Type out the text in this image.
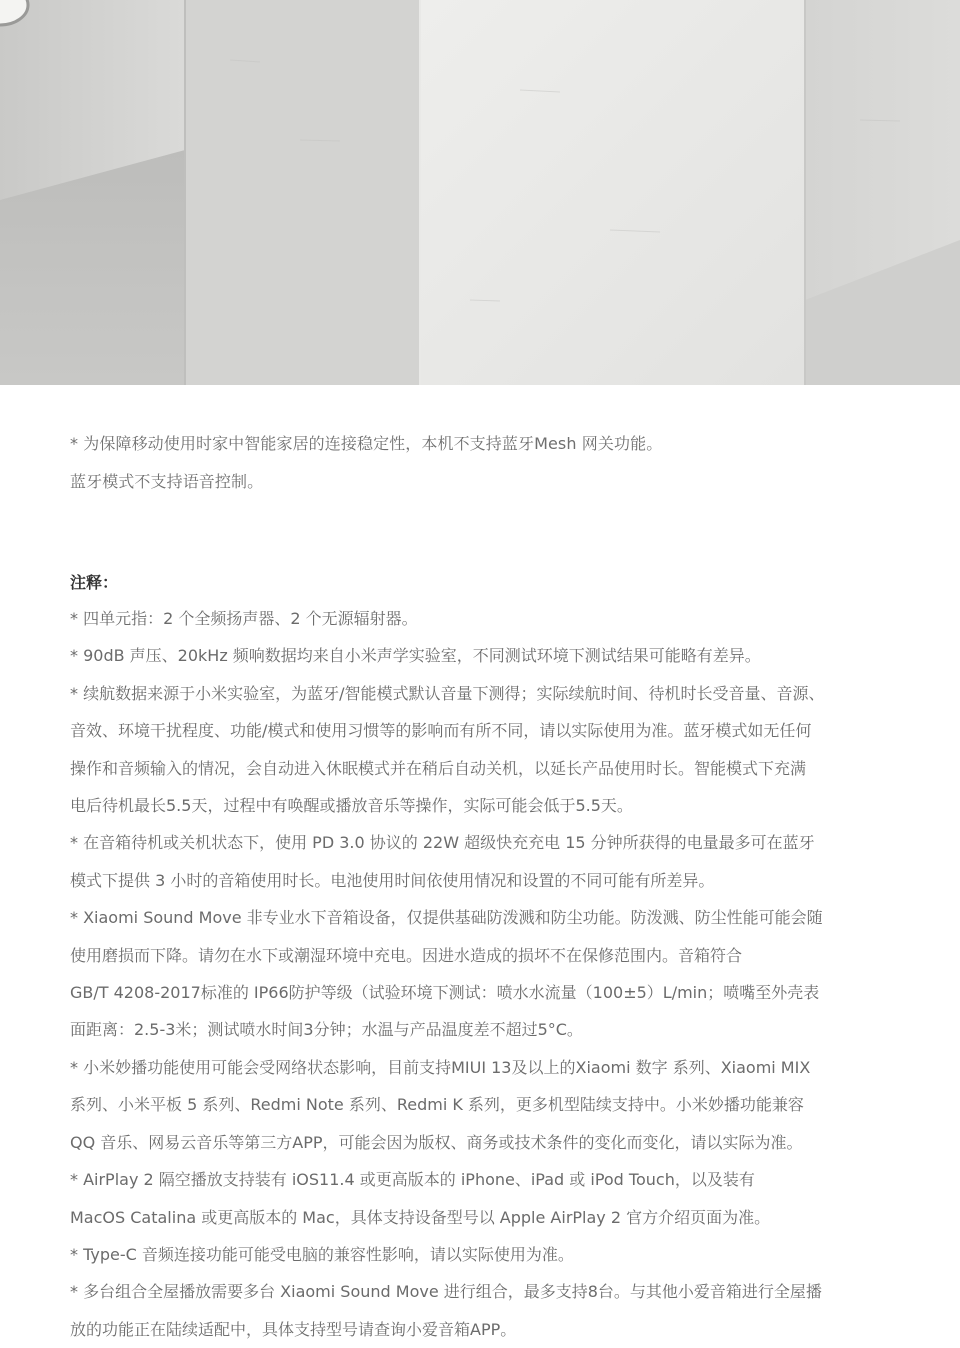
* 为保障移动使用时家中智能家居的连接稳定性，本机不支持蓝牙Mesh 网关功能。
蓝牙模式不支持语音控制。
注释：
* 四单元指：2 个全频扬声器、2 个无源辐射器。
* 90dB 声压、20kHz 频响数据均来自小米声学实验室，不同测试环境下测试结果可能略有差异。
* 续航数据来源于小米实验室，为蓝牙/智能模式默认音量下测得；实际续航时间、待机时长受音量、音源、
音效、环境干扰程度、功能/模式和使用习惯等的影响而有所不同，请以实际使用为准。蓝牙模式如无任何
操作和音频输入的情况，会自动进入休眠模式并在稍后自动关机，以延长产品使用时长。智能模式下充满
电后待机最长5.5天，过程中有唤醒或播放音乐等操作，实际可能会低于5.5天。
* 在音箱待机或关机状态下，使用 PD 3.0 协议的 22W 超级快充充电 15 分钟所获得的电量最多可在蓝牙
模式下提供 3 小时的音箱使用时长。电池使用时间依使用情况和设置的不同可能有所差异。
* Xiaomi Sound Move 非专业水下音箱设备，仅提供基础防泼溅和防尘功能。防泼溅、防尘性能可能会随
使用磨损而下降。请勿在水下或潮湿环境中充电。因进水造成的损坏不在保修范围内。音箱符合
GB/T 4208-2017标准的 IP66防护等级（试验环境下测试：喷水水流量（100±5）L/min；喷嘴至外壳表
面距离：2.5-3米；测试喷水时间3分钟；水温与产品温度差不超过5°C。
* 小米妙播功能使用可能会受网络状态影响，目前支持MIUI 13及以上的Xiaomi 数字 系列、Xiaomi MIX
系列、小米平板 5 系列、Redmi Note 系列、Redmi K 系列，更多机型陆续支持中。小米妙播功能兼容
QQ 音乐、网易云音乐等第三方APP，可能会因为版权、商务或技术条件的变化而变化，请以实际为准。
* AirPlay 2 隔空播放支持装有 iOS11.4 或更高版本的 iPhone、iPad 或 iPod Touch，以及装有
MacOS Catalina 或更高版本的 Mac，具体支持设备型号以 Apple AirPlay 2 官方介绍页面为准。
* Type-C 音频连接功能可能受电脑的兼容性影响，请以实际使用为准。
* 多台组合全屋播放需要多台 Xiaomi Sound Move 进行组合，最多支持8台。与其他小爱音箱进行全屋播
放的功能正在陆续适配中，具体支持型号请查询小爱音箱APP。
